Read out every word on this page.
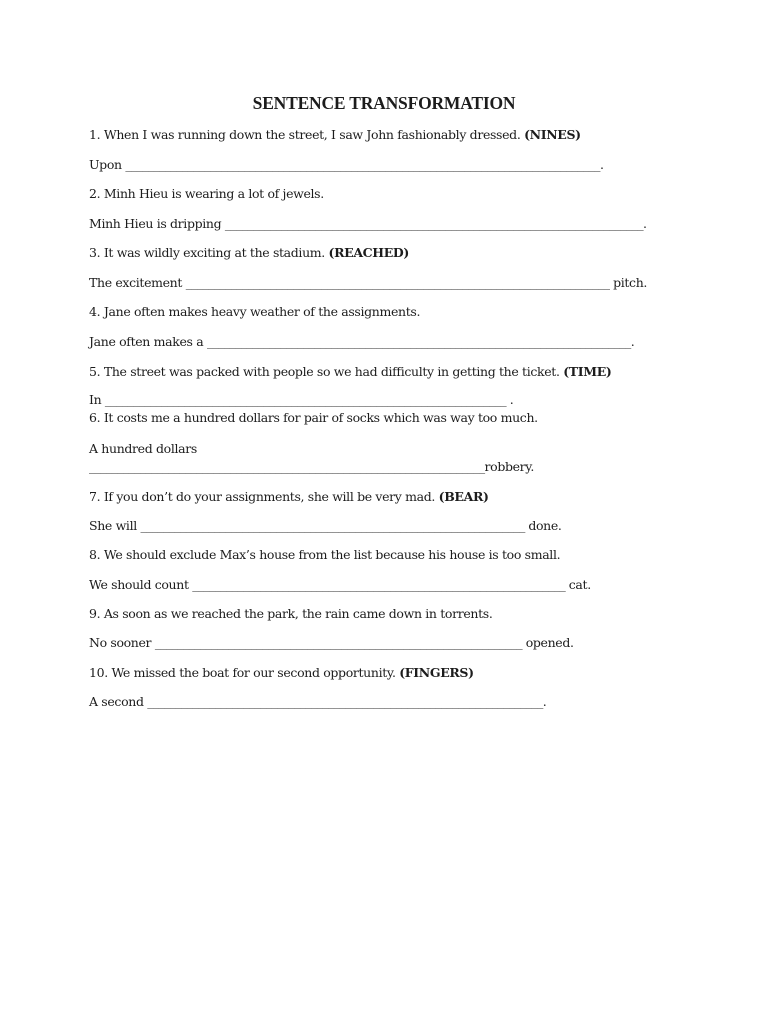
SENTENCE TRANSFORMATION
1. When I was running down the street, I saw John fashionably dressed. (NINES)
Upon ____________________________________________________________________________________.
2. Minh Hieu is wearing a lot of jewels.
Minh Hieu is dripping __________________________________________________________________________.
3. It was wildly exciting at the stadium. (REACHED)
The excitement ___________________________________________________________________________ pitch.
4. Jane often makes heavy weather of the assignments.
Jane often makes a ___________________________________________________________________________.
5. The street was packed with people so we had difficulty in getting the ticket. (TIME)
In _______________________________________________________________________ .
6. It costs me a hundred dollars for pair of socks which was way too much.
A hundred dollars
______________________________________________________________________robbery.
7. If you don’t do your assignments, she will be very mad. (BEAR)
She will ____________________________________________________________________ done.
8. We should exclude Max’s house from the list because his house is too small.
We should count __________________________________________________________________ cat.
9. As soon as we reached the park, the rain came down in torrents.
No sooner _________________________________________________________________ opened.
10. We missed the boat for our second opportunity. (FINGERS)
A second ______________________________________________________________________.
